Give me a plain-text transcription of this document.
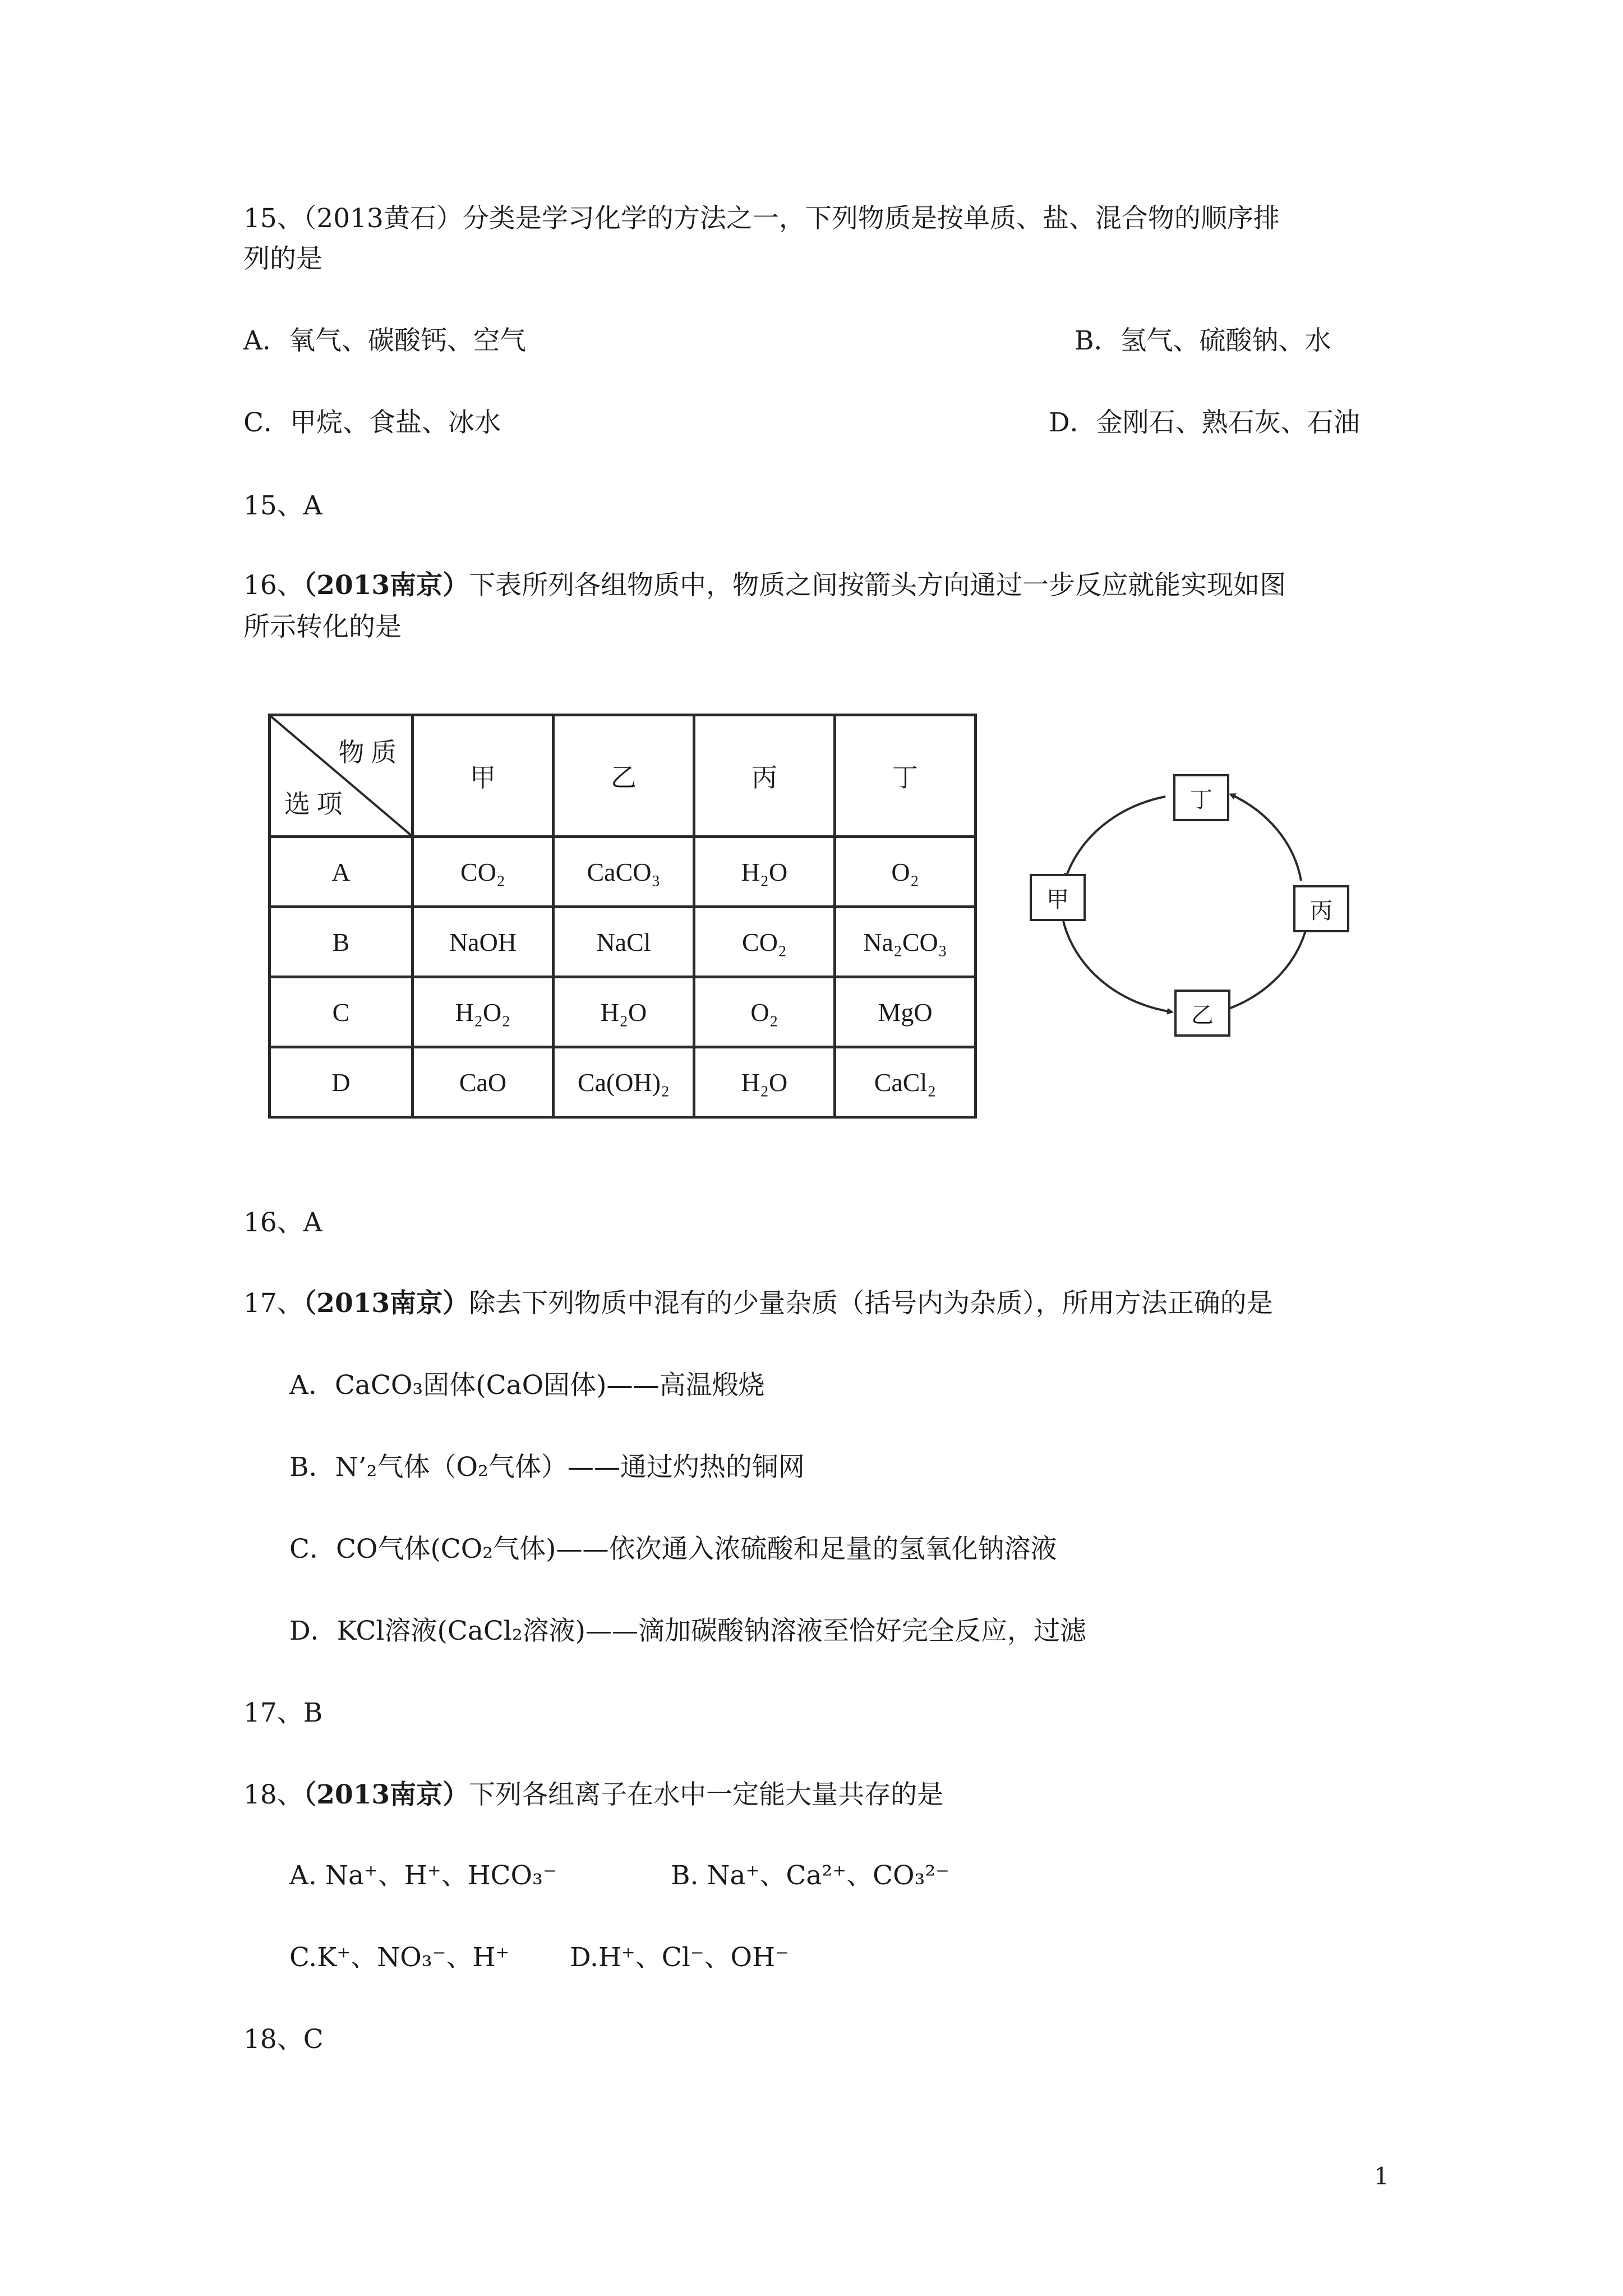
15、（2013黄石）分类是学习化学的方法之一，下列物质是按单质、盐、混合物的顺序排
列的是
A．氧气、碳酸钙、空气	B．氢气、硫酸钠、水
C．甲烷、食盐、冰水	D．金刚石、熟石灰、石油
15、A
16、（2013南京）下表所列各组物质中，物质之间按箭头方向通过一步反应就能实现如图
所示转化的是
物 质
选 项	甲	乙	丙	丁
A	CO₂	CaCO₃	H₂O	O₂
B	NaOH	NaCl	CO₂	Na₂CO₃
C	H₂O₂	H₂O	O₂	MgO
D	CaO	Ca(OH)₂	H₂O	CaCl₂
丁
甲	丙
乙
16、A
17、（2013南京）除去下列物质中混有的少量杂质（括号内为杂质），所用方法正确的是
A．CaCO₃固体(CaO固体)——高温煅烧
B．N’₂气体（O₂气体）——通过灼热的铜网
C．CO气体(CO₂气体)——依次通入浓硫酸和足量的氢氧化钠溶液
D．KCl溶液(CaCl₂溶液)——滴加碳酸钠溶液至恰好完全反应，过滤
17、B
18、（2013南京）下列各组离子在水中一定能大量共存的是
A. Na⁺、H⁺、HCO₃⁻	B. Na⁺、Ca²⁺、CO₃²⁻
C.K⁺、NO₃⁻、H⁺ D.H⁺、Cl⁻、OH⁻
18、C
1
